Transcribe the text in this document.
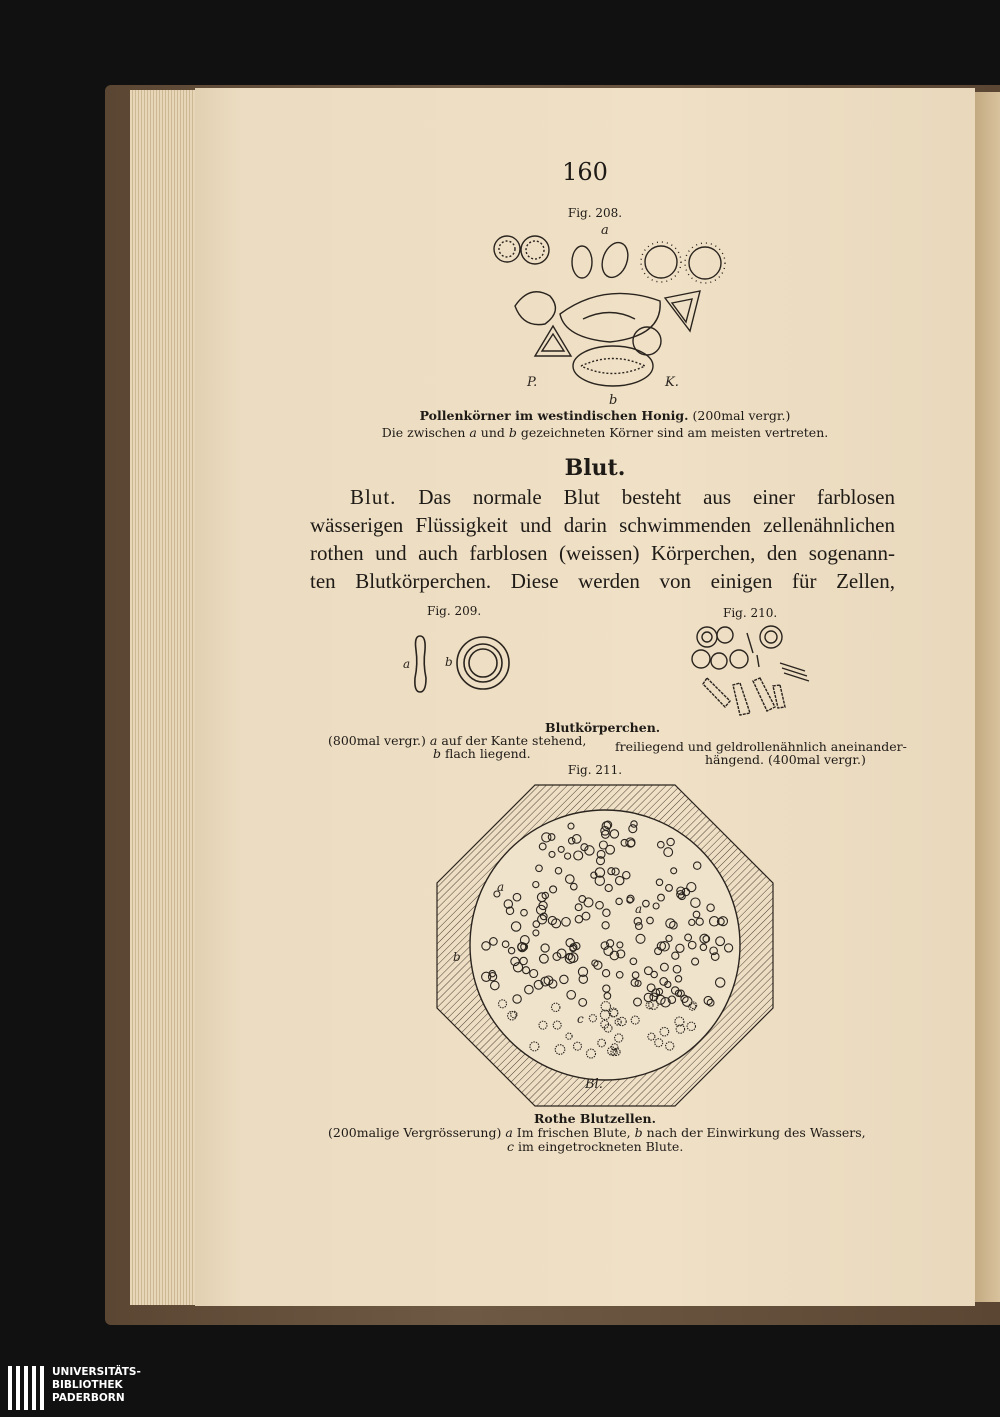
160
Fig. 208.
a
P.	K.
b
Pollenkörner im westindischen Honig. (200mal vergr.)
Die zwischen a und b gezeichneten Körner sind am meisten vertreten.
Blut.
Blut. Das normale Blut besteht aus einer farblosen
wässerigen Flüssigkeit und darin schwimmenden zellenähnlichen
rothen und auch farblosen (weissen) Körperchen, den sogenann-
ten Blutkörperchen. Diese werden von einigen für Zellen,
Fig. 209.
a	b
Fig. 210.
Blutkörperchen.
(800mal vergr.) a auf der Kante stehend,
b flach liegend.	freiliegend und geldrollenähnlich aneinander-
hängend. (400mal vergr.)
Fig. 211.
a
a
b
c
Bl.
Rothe Blutzellen.
(200malige Vergrösserung) a Im frischen Blute, b nach der Einwirkung des Wassers,
c im eingetrockneten Blute.
UNIVERSITÄTS-
BIBLIOTHEK
PADERBORN
